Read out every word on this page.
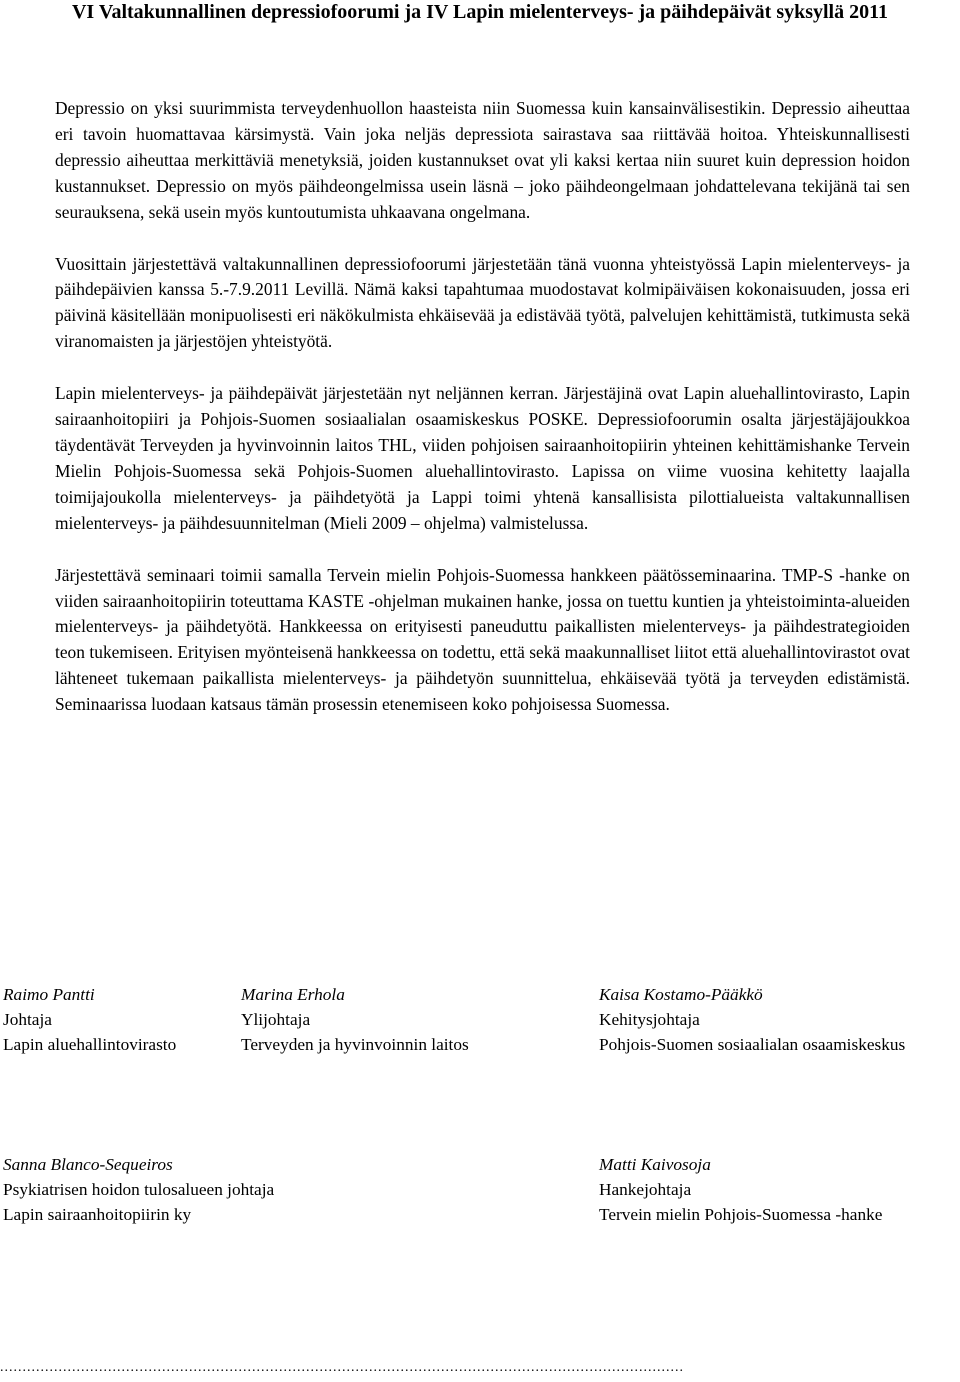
VI Valtakunnallinen depressiofoorumi ja IV Lapin mielenterveys- ja päihdepäivät syksyllä 2011

Depressio on yksi suurimmista terveydenhuollon haasteista niin Suomessa kuin kansainvälisestikin. Depressio aiheuttaa eri tavoin huomattavaa kärsimystä. Vain joka neljäs depressiota sairastava saa riittävää hoitoa. Yhteiskunnallisesti depressio aiheuttaa merkittäviä menetyksiä, joiden kustannukset ovat yli kaksi kertaa niin suuret kuin depression hoidon kustannukset. Depressio on myös päihdeongelmissa usein läsnä – joko päihdeongelmaan johdattelevana tekijänä tai sen seurauksena, sekä usein myös kuntoutumista uhkaavana ongelmana.

Vuosittain järjestettävä valtakunnallinen depressiofoorumi järjestetään tänä vuonna yhteistyössä Lapin mielenterveys- ja päihdepäivien kanssa 5.-7.9.2011 Levillä. Nämä kaksi tapahtumaa muodostavat kolmipäiväisen kokonaisuuden, jossa eri päivinä käsitellään monipuolisesti eri näkökulmista ehkäisevää ja edistävää työtä, palvelujen kehittämistä, tutkimusta sekä viranomaisten ja järjestöjen yhteistyötä.

Lapin mielenterveys- ja päihdepäivät järjestetään nyt neljännen kerran. Järjestäjinä ovat Lapin aluehallintovirasto, Lapin sairaanhoitopiiri ja Pohjois-Suomen sosiaalialan osaamiskeskus POSKE. Depressiofoorumin osalta järjestäjäjoukkoa täydentävät Terveyden ja hyvinvoinnin laitos THL, viiden pohjoisen sairaanhoitopiirin yhteinen kehittämishanke Tervein Mielin Pohjois-Suomessa sekä Pohjois-Suomen aluehallintovirasto. Lapissa on viime vuosina kehitetty laajalla toimijajoukolla mielenterveys- ja päihdetyötä ja Lappi toimi yhtenä kansallisista pilottialueista valtakunnallisen mielenterveys- ja päihdesuunnitelman (Mieli 2009 – ohjelma) valmistelussa.

Järjestettävä seminaari toimii samalla Tervein mielin Pohjois-Suomessa hankkeen päätösseminaarina. TMP-S -hanke on viiden sairaanhoitopiirin toteuttama KASTE -ohjelman mukainen hanke, jossa on tuettu kuntien ja yhteistoiminta-alueiden mielenterveys- ja päihdetyötä. Hankkeessa on erityisesti paneuduttu paikallisten mielenterveys- ja päihdestrategioiden teon tukemiseen. Erityisen myönteisenä hankkeessa on todettu, että sekä maakunnalliset liitot että aluehallintovirastot ovat lähteneet tukemaan paikallista mielenterveys- ja päihdetyön suunnittelua, ehkäisevää työtä ja terveyden edistämistä. Seminaarissa luodaan katsaus tämän prosessin etenemiseen koko pohjoisessa Suomessa.

Raimo Pantti
Johtaja
Lapin aluehallintovirasto
Marina Erhola
Ylijohtaja
Terveyden ja hyvinvoinnin laitos
Kaisa Kostamo-Pääkkö
Kehitysjohtaja
Pohjois-Suomen sosiaalialan osaamiskeskus
Sanna Blanco-Sequeiros
Psykiatrisen hoidon tulosalueen johtaja
Lapin sairaanhoitopiirin ky
Matti Kaivosoja
Hankejohtaja
Tervein mielin Pohjois-Suomessa -hanke
........................................................................................................................................................
